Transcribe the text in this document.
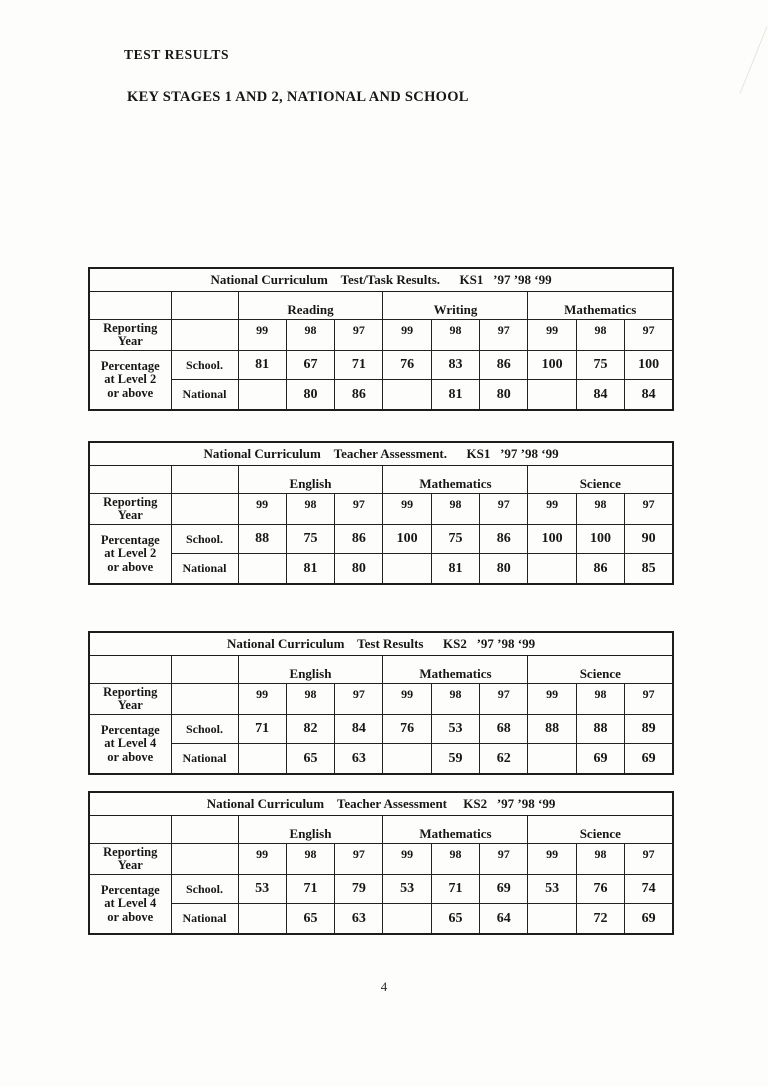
TEST RESULTS
KEY STAGES 1 AND 2, NATIONAL AND SCHOOL
National Curriculum    Test/Task Results.      KS1   ’97 ’98 ‘99										
		Reading			Writing			Mathematics		

Reporting
Year		99	98	97	99	98	97	99	98	97

Percentage
at Level 2
or above	School.	81	67	71	76	83	86	100	75	100
	National		80	86		81	80		84	84
National Curriculum    Teacher Assessment.      KS1   ’97 ’98 ‘99										
		English			Mathematics			Science		

Reporting
Year		99	98	97	99	98	97	99	98	97

Percentage
at Level 2
or above	School.	88	75	86	100	75	86	100	100	90
	National		81	80		81	80		86	85
National Curriculum    Test Results      KS2   ’97 ’98 ‘99										
		English			Mathematics			Science		

Reporting
Year		99	98	97	99	98	97	99	98	97

Percentage
at Level 4
or above	School.	71	82	84	76	53	68	88	88	89
	National		65	63		59	62		69	69
National Curriculum    Teacher Assessment     KS2   ’97 ’98 ‘99										
		English			Mathematics			Science		

Reporting
Year		99	98	97	99	98	97	99	98	97

Percentage
at Level 4
or above	School.	53	71	79	53	71	69	53	76	74
	National		65	63		65	64		72	69
4
